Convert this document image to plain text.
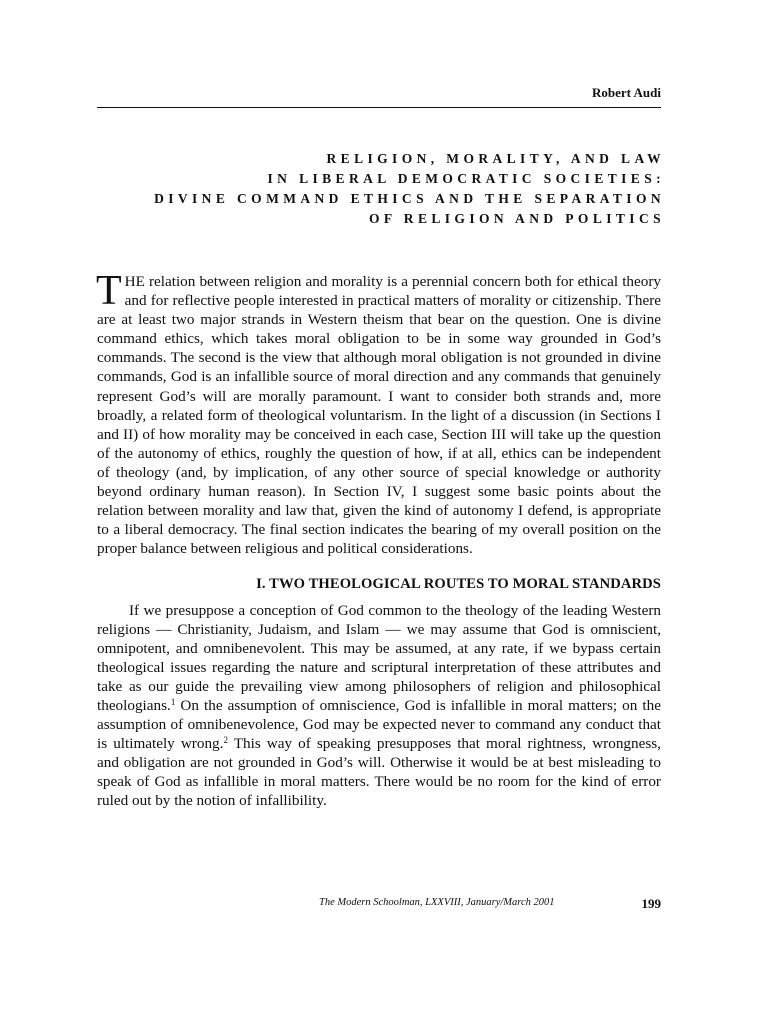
Robert Audi
RELIGION, MORALITY, AND LAW
IN LIBERAL DEMOCRATIC SOCIETIES:
DIVINE COMMAND ETHICS AND THE SEPARATION
OF RELIGION AND POLITICS

THE relation between religion and morality is a perennial concern both for ethical theory and for reflective people interested in practical matters of morality or citizenship. There are at least two major strands in Western theism that bear on the question. One is divine command ethics, which takes moral obligation to be in some way grounded in God’s commands. The second is the view that although moral obligation is not grounded in divine commands, God is an infallible source of moral direction and any commands that genuinely represent God’s will are morally paramount. I want to consider both strands and, more broadly, a related form of theological voluntarism. In the light of a discussion (in Sections I and II) of how morality may be conceived in each case, Section III will take up the question of the autonomy of ethics, roughly the question of how, if at all, ethics can be independent of theology (and, by implication, of any other source of special knowledge or authority beyond ordinary human reason). In Section IV, I suggest some basic points about the relation between morality and law that, given the kind of autonomy I defend, is appropriate to a liberal democracy. The final section indicates the bearing of my overall position on the proper balance between religious and political considerations.

I. TWO THEOLOGICAL ROUTES TO MORAL STANDARDS

If we presuppose a conception of God common to the theology of the leading Western religions — Christianity, Judaism, and Islam — we may assume that God is omniscient, omnipotent, and omnibenevolent. This may be assumed, at any rate, if we bypass certain theological issues regarding the nature and scriptural interpretation of these attributes and take as our guide the prevailing view among philosophers of religion and philosophical theologians.$^1$ On the assumption of omniscience, God is infallible in moral matters; on the assumption of omnibenevolence, God may be expected never to command any conduct that is ultimately wrong.$^2$ This way of speaking presupposes that moral rightness, wrongness, and obligation are not grounded in God’s will. Otherwise it would be at best misleading to speak of God as infallible in moral matters. There would be no room for the kind of error ruled out by the notion of infallibility.

The Modern Schoolman, LXXVIII, January/March 2001	199
